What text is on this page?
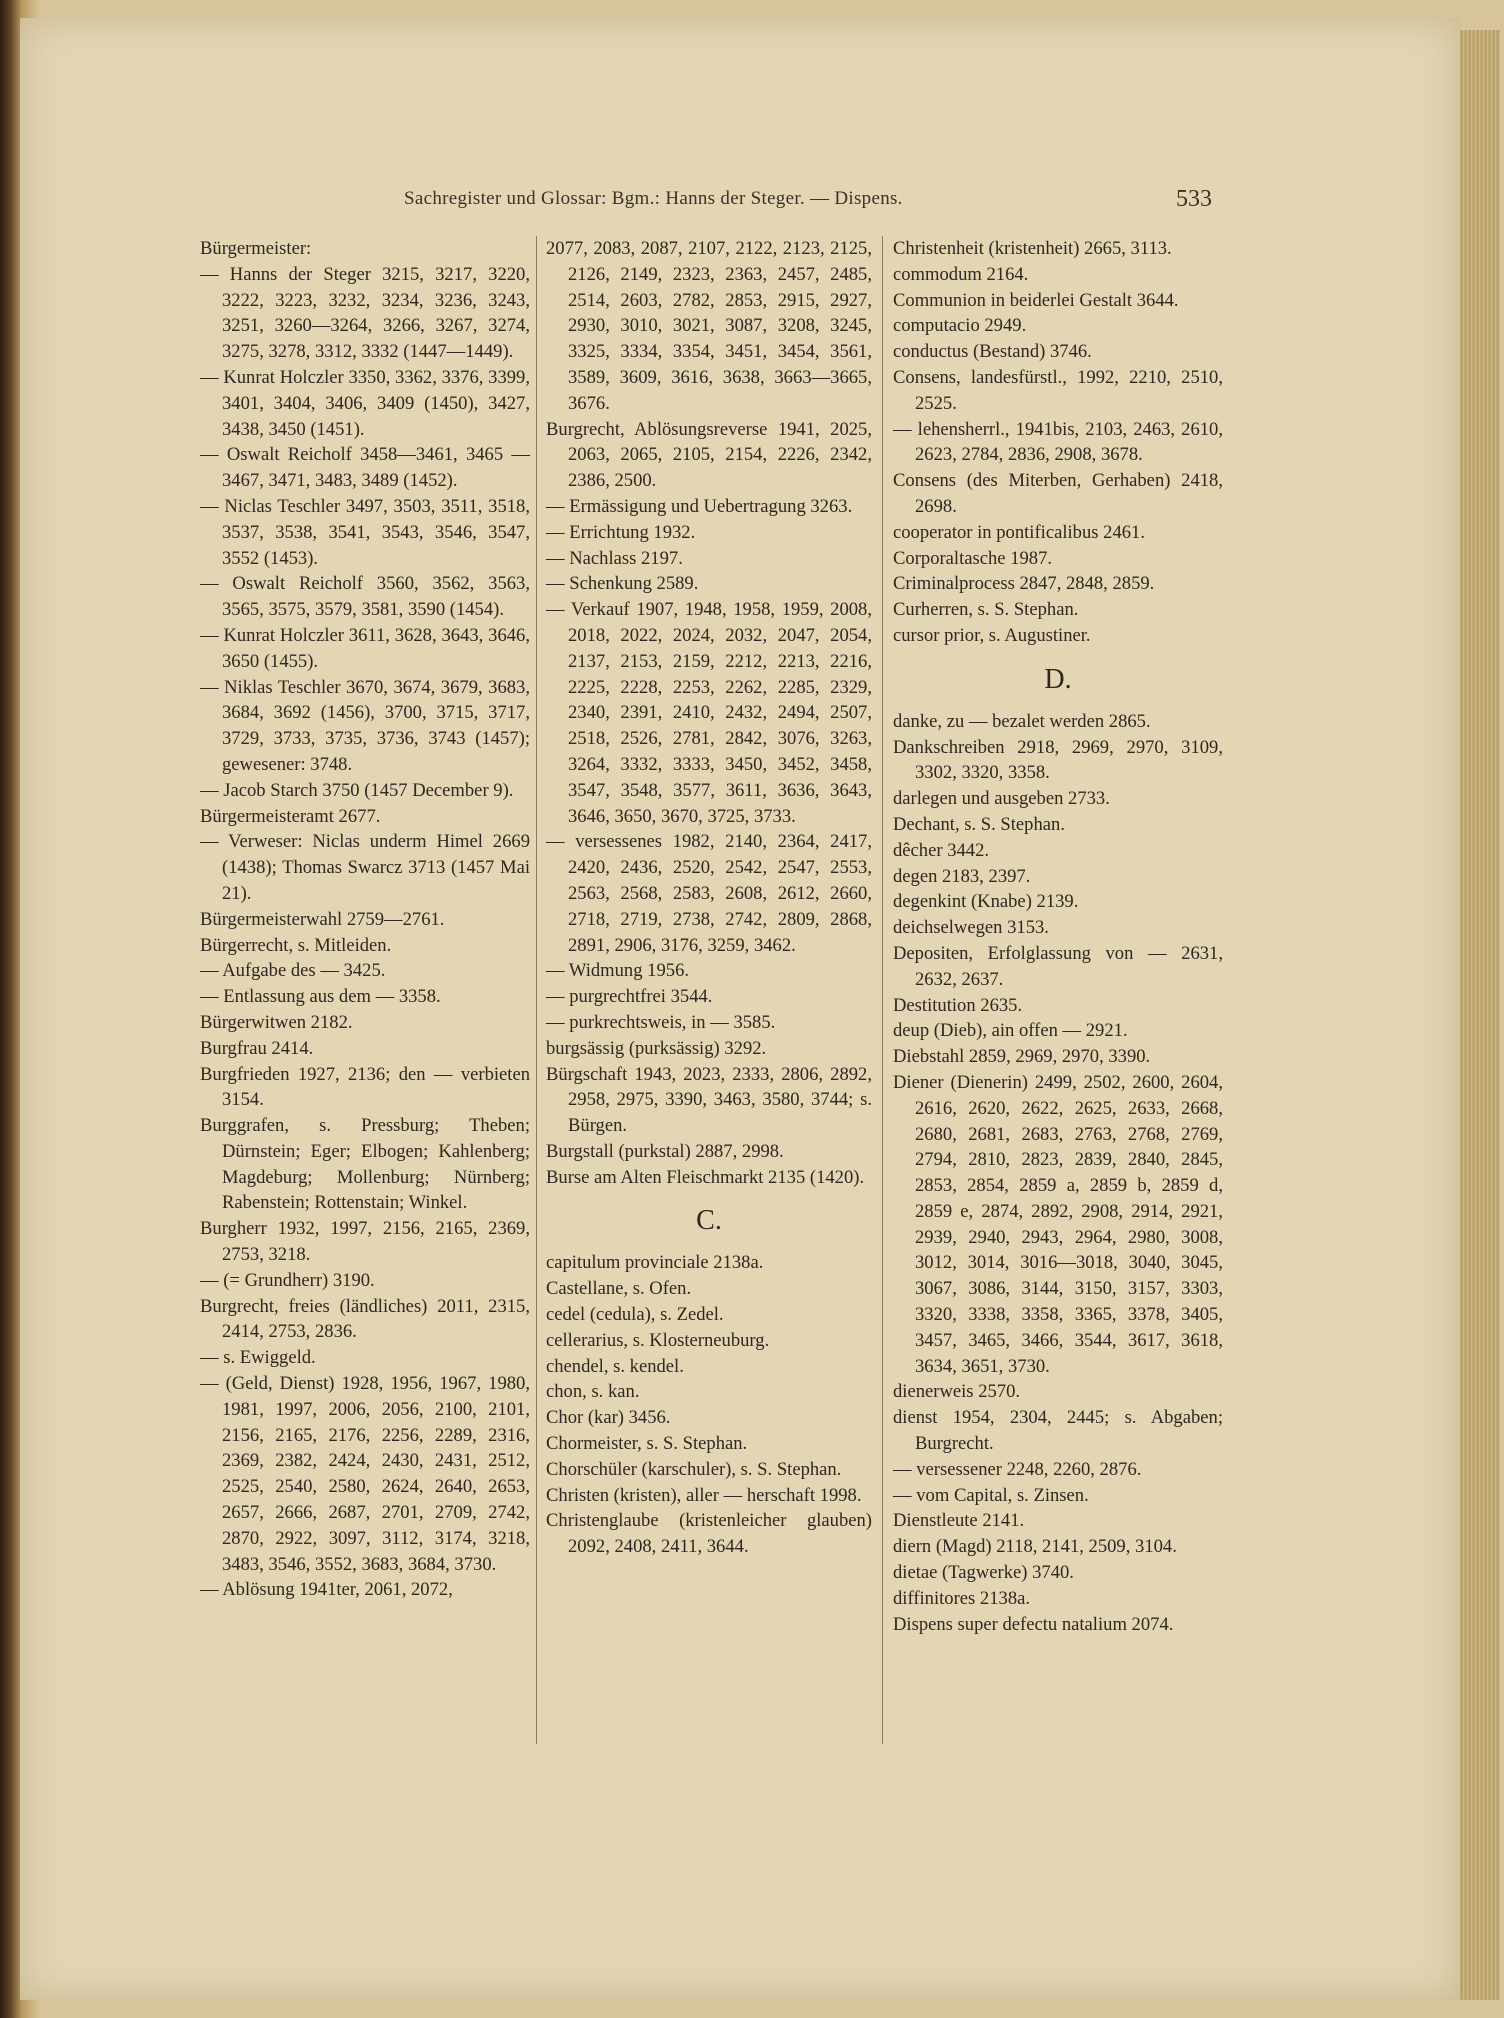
Sachregister und Glossar: Bgm.: Hanns der Steger. — Dispens.	533
Bürgermeister:
— Hanns der Steger 3215, 3217, 3220, 3222, 3223, 3232, 3234, 3236, 3243, 3251, 3260—3264, 3266, 3267, 3274, 3275, 3278, 3312, 3332 (1447—1449).
— Kunrat Holczler 3350, 3362, 3376, 3399, 3401, 3404, 3406, 3409 (1450), 3427, 3438, 3450 (1451).
— Oswalt Reicholf 3458—3461, 3465 —3467, 3471, 3483, 3489 (1452).
— Niclas Teschler 3497, 3503, 3511, 3518, 3537, 3538, 3541, 3543, 3546, 3547, 3552 (1453).
— Oswalt Reicholf 3560, 3562, 3563, 3565, 3575, 3579, 3581, 3590 (1454).
— Kunrat Holczler 3611, 3628, 3643, 3646, 3650 (1455).
— Niklas Teschler 3670, 3674, 3679, 3683, 3684, 3692 (1456), 3700, 3715, 3717, 3729, 3733, 3735, 3736, 3743 (1457); gewesener: 3748.
— Jacob Starch 3750 (1457 December 9).
Bürgermeisteramt 2677.
— Verweser: Niclas underm Himel 2669 (1438); Thomas Swarcz 3713 (1457 Mai 21).
Bürgermeisterwahl 2759—2761.
Bürgerrecht, s. Mitleiden.
— Aufgabe des — 3425.
— Entlassung aus dem — 3358.
Bürgerwitwen 2182.
Burgfrau 2414.
Burgfrieden 1927, 2136; den — verbieten 3154.
Burggrafen, s. Pressburg; Theben; Dürnstein; Eger; Elbogen; Kahlenberg; Magdeburg; Mollenburg; Nürnberg; Rabenstein; Rottenstain; Winkel.
Burgherr 1932, 1997, 2156, 2165, 2369, 2753, 3218.
— (= Grundherr) 3190.
Burgrecht, freies (ländliches) 2011, 2315, 2414, 2753, 2836.
— s. Ewiggeld.
— (Geld, Dienst) 1928, 1956, 1967, 1980, 1981, 1997, 2006, 2056, 2100, 2101, 2156, 2165, 2176, 2256, 2289, 2316, 2369, 2382, 2424, 2430, 2431, 2512, 2525, 2540, 2580, 2624, 2640, 2653, 2657, 2666, 2687, 2701, 2709, 2742, 2870, 2922, 3097, 3112, 3174, 3218, 3483, 3546, 3552, 3683, 3684, 3730.
— Ablösung 1941ter, 2061, 2072,
2077, 2083, 2087, 2107, 2122, 2123, 2125, 2126, 2149, 2323, 2363, 2457, 2485, 2514, 2603, 2782, 2853, 2915, 2927, 2930, 3010, 3021, 3087, 3208, 3245, 3325, 3334, 3354, 3451, 3454, 3561, 3589, 3609, 3616, 3638, 3663—3665, 3676.
Burgrecht, Ablösungsreverse 1941, 2025, 2063, 2065, 2105, 2154, 2226, 2342, 2386, 2500.
— Ermässigung und Uebertragung 3263.
— Errichtung 1932.
— Nachlass 2197.
— Schenkung 2589.
— Verkauf 1907, 1948, 1958, 1959, 2008, 2018, 2022, 2024, 2032, 2047, 2054, 2137, 2153, 2159, 2212, 2213, 2216, 2225, 2228, 2253, 2262, 2285, 2329, 2340, 2391, 2410, 2432, 2494, 2507, 2518, 2526, 2781, 2842, 3076, 3263, 3264, 3332, 3333, 3450, 3452, 3458, 3547, 3548, 3577, 3611, 3636, 3643, 3646, 3650, 3670, 3725, 3733.
— versessenes 1982, 2140, 2364, 2417, 2420, 2436, 2520, 2542, 2547, 2553, 2563, 2568, 2583, 2608, 2612, 2660, 2718, 2719, 2738, 2742, 2809, 2868, 2891, 2906, 3176, 3259, 3462.
— Widmung 1956.
— purgrechtfrei 3544.
— purkrechtsweis, in — 3585.
burgsässig (purksässig) 3292.
Bürgschaft 1943, 2023, 2333, 2806, 2892, 2958, 2975, 3390, 3463, 3580, 3744; s. Bürgen.
Burgstall (purkstal) 2887, 2998.
Burse am Alten Fleischmarkt 2135 (1420).
C.
capitulum provinciale 2138a.
Castellane, s. Ofen.
cedel (cedula), s. Zedel.
cellerarius, s. Klosterneuburg.
chendel, s. kendel.
chon, s. kan.
Chor (kar) 3456.
Chormeister, s. S. Stephan.
Chorschüler (karschuler), s. S. Stephan.
Christen (kristen), aller — herschaft 1998.
Christenglaube (kristenleicher glauben) 2092, 2408, 2411, 3644.
Christenheit (kristenheit) 2665, 3113.
commodum 2164.
Communion in beiderlei Gestalt 3644.
computacio 2949.
conductus (Bestand) 3746.
Consens, landesfürstl., 1992, 2210, 2510, 2525.
— lehensherrl., 1941bis, 2103, 2463, 2610, 2623, 2784, 2836, 2908, 3678.
Consens (des Miterben, Gerhaben) 2418, 2698.
cooperator in pontificalibus 2461.
Corporaltasche 1987.
Criminalprocess 2847, 2848, 2859.
Curherren, s. S. Stephan.
cursor prior, s. Augustiner.
D.
danke, zu — bezalet werden 2865.
Dankschreiben 2918, 2969, 2970, 3109, 3302, 3320, 3358.
darlegen und ausgeben 2733.
Dechant, s. S. Stephan.
dêcher 3442.
degen 2183, 2397.
degenkint (Knabe) 2139.
deichselwegen 3153.
Depositen, Erfolglassung von — 2631, 2632, 2637.
Destitution 2635.
deup (Dieb), ain offen — 2921.
Diebstahl 2859, 2969, 2970, 3390.
Diener (Dienerin) 2499, 2502, 2600, 2604, 2616, 2620, 2622, 2625, 2633, 2668, 2680, 2681, 2683, 2763, 2768, 2769, 2794, 2810, 2823, 2839, 2840, 2845, 2853, 2854, 2859 a, 2859 b, 2859 d, 2859 e, 2874, 2892, 2908, 2914, 2921, 2939, 2940, 2943, 2964, 2980, 3008, 3012, 3014, 3016—3018, 3040, 3045, 3067, 3086, 3144, 3150, 3157, 3303, 3320, 3338, 3358, 3365, 3378, 3405, 3457, 3465, 3466, 3544, 3617, 3618, 3634, 3651, 3730.
dienerweis 2570.
dienst 1954, 2304, 2445; s. Abgaben; Burgrecht.
— versessener 2248, 2260, 2876.
— vom Capital, s. Zinsen.
Dienstleute 2141.
diern (Magd) 2118, 2141, 2509, 3104.
dietae (Tagwerke) 3740.
diffinitores 2138a.
Dispens super defectu natalium 2074.
